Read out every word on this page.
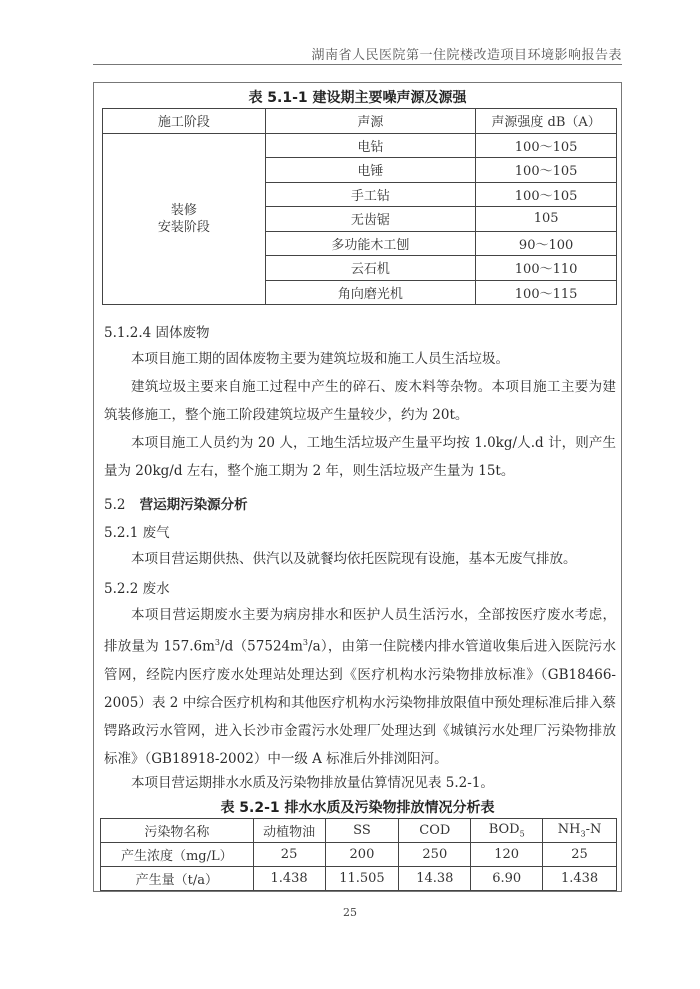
湖南省人民医院第一住院楼改造项目环境影响报告表
表 5.1-1 建设期主要噪声源及源强
施工阶段	声源	声源强度 dB（A）

装修
安装阶段	电钻	100～105
	电锤	100～105
	手工钻	100～105
	无齿锯	105
	多功能木工刨	90～100
	云石机	100～110
	角向磨光机	100～115
5.1.2.4 固体废物
本项目施工期的固体废物主要为建筑垃圾和施工人员生活垃圾。
建筑垃圾主要来自施工过程中产生的碎石、废木料等杂物。本项目施工主要为建筑装修施工，整个施工阶段建筑垃圾产生量较少，约为 20t。
本项目施工人员约为 20 人，工地生活垃圾产生量平均按 1.0kg/人.d 计，则产生量为 20kg/d 左右，整个施工期为 2 年，则生活垃圾产生量为 15t。
5.2 营运期污染源分析
5.2.1 废气
本项目营运期供热、供汽以及就餐均依托医院现有设施，基本无废气排放。
5.2.2 废水
本项目营运期废水主要为病房排水和医护人员生活污水，全部按医疗废水考虑，排放量为 $157.6m^3/d(57524m^3/a)$，由第一住院楼内排水管道收集后进入医院污水管网，经院内医疗废水处理站处理达到《医疗机构水污染物排放标准》（GB18466-2005）表 2 中综合医疗机构和其他医疗机构水污染物排放限值中预处理标准后排入蔡锷路政污水管网，进入长沙市金霞污水处理厂处理达到《城镇污水处理厂污染物排放标准》（GB18918-2002）中一级 A 标准后外排浏阳河。
本项目营运期排水水质及污染物排放量估算情况见表 5.2-1。
表 5.2-1 排水水质及污染物排放情况分析表
污染物名称	动植物油	SS	COD	$BOD_5$	$NH_3-N$
产生浓度（mg/L）	25	200	250	120	25
产生量（t/a）	1.438	11.505	14.38	6.90	1.438
25
